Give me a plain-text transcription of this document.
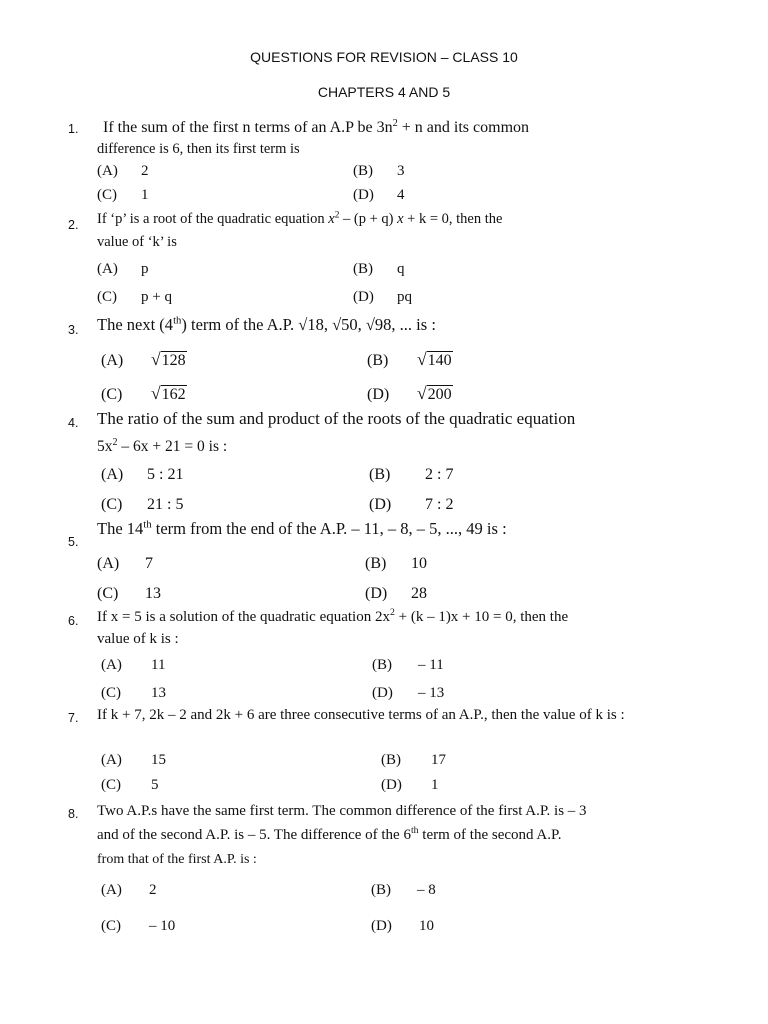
QUESTIONS FOR REVISION – CLASS 10
CHAPTERS 4 AND 5
1.	If the sum of the first n terms of an A.P be $3n^2 + n$ and its common
difference is 6, then its first term is
(A) 2	(B) 3
(C) 1	(D) 4
2. If ‘p’ is a root of the quadratic equation $x^2 - (p + q) x + k = 0$, then the
value of ‘k’ is
(A) p	(B) q
(C) p + q	(D) pq
3. The next (4th) term of the A.P. √18, √50, √98, ... is :
(A) √128	(B) √140
(C) √162	(D) √200
4. The ratio of the sum and product of the roots of the quadratic equation
$5x^2 - 6x + 21 = 0$ is :
(A) 5 : 21	(B) 2 : 7
(C) 21 : 5	(D) 7 : 2
5.
The 14th term from the end of the A.P. – 11, – 8, – 5, ..., 49 is :
(A) 7	(B) 10
(C) 13	(D) 28
6. If x = 5 is a solution of the quadratic equation $2x^2 + (k - 1)x + 10 = 0$, then the
value of k is :
(A) 11	(B) – 11
(C) 13	(D) – 13
7. If k + 7, 2k – 2 and 2k + 6 are three consecutive terms of an A.P., then the value of k is :
(A) 15	(B) 17
(C) 5	(D) 1
8. Two A.P.s have the same first term. The common difference of the first A.P. is – 3
and of the second A.P. is – 5. The difference of the 6th term of the second A.P.
from that of the first A.P. is :
(A) 2	(B) – 8
(C) – 10	(D) 10
